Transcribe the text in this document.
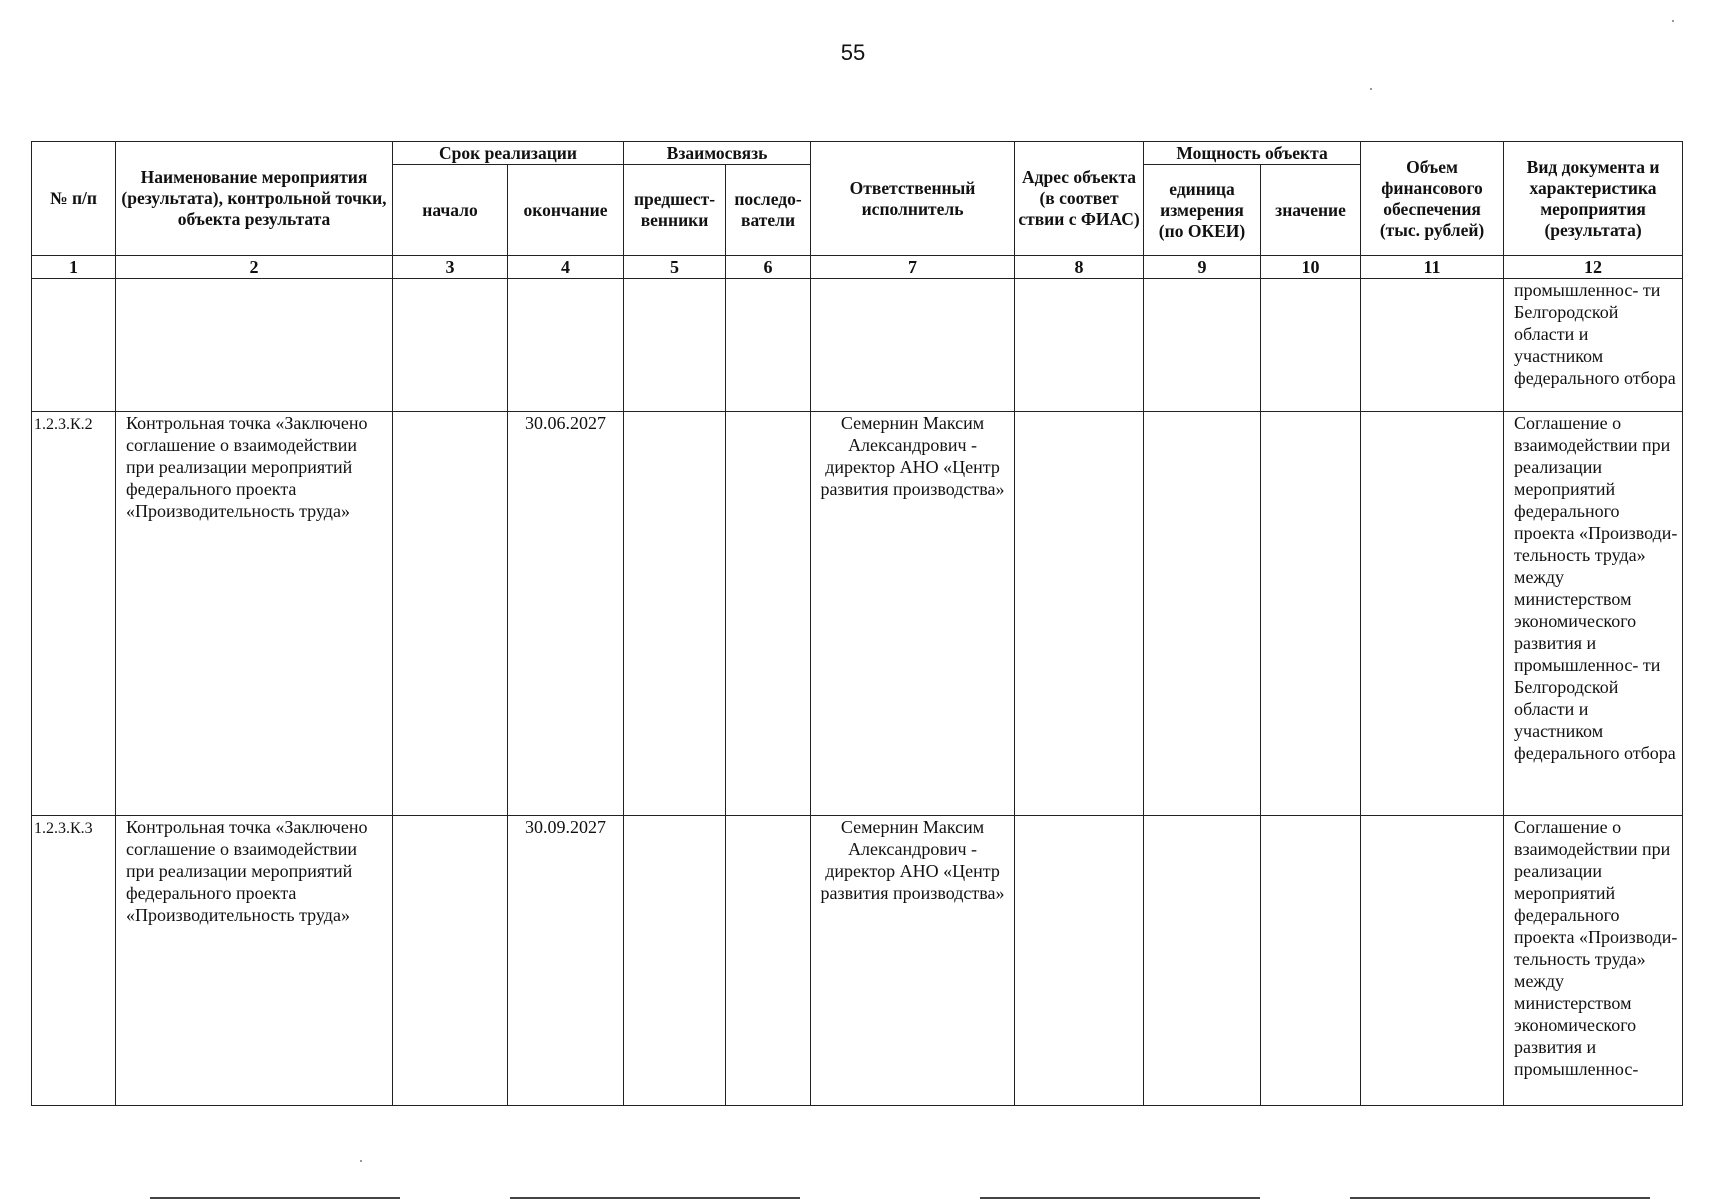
55
№ п/п	Наименование мероприятия (результата), контрольной точки, объекта результата	Срок реализации		Взаимосвязь		Ответственный исполнитель	Адрес объекта (в соответ ствии с ФИАС)	Мощность объекта		Объем финансового обеспечения (тыс. рублей)	Вид документа и характеристика мероприятия (результата)
		начало	окончание	предшест- венники	последо- ватели			единица измерения (по ОКЕИ)	значение		
1	2	3	4	5	6	7	8	9	10	11	12
											промышленнос- ти Белгородской области и участником федерального отбора
1.2.3.К.2	Контрольная точка «Заключено соглашение о взаимодействии при реализации мероприятий федерального проекта «Производительность труда»		30.06.2027			Семернин Максим Александрович - директор АНО «Центр развития производства»					Соглашение о взаимодействии при реализации мероприятий федерального проекта «Производи- тельность труда» между министерством экономического развития и промышленнос- ти Белгородской области и участником федерального отбора
1.2.3.К.3	Контрольная точка «Заключено соглашение о взаимодействии при реализации мероприятий федерального проекта «Производительность труда»		30.09.2027			Семернин Максим Александрович - директор АНО «Центр развития производства»					Соглашение о взаимодействии при реализации мероприятий федерального проекта «Производи- тельность труда» между министерством экономического развития и промышленнос-
